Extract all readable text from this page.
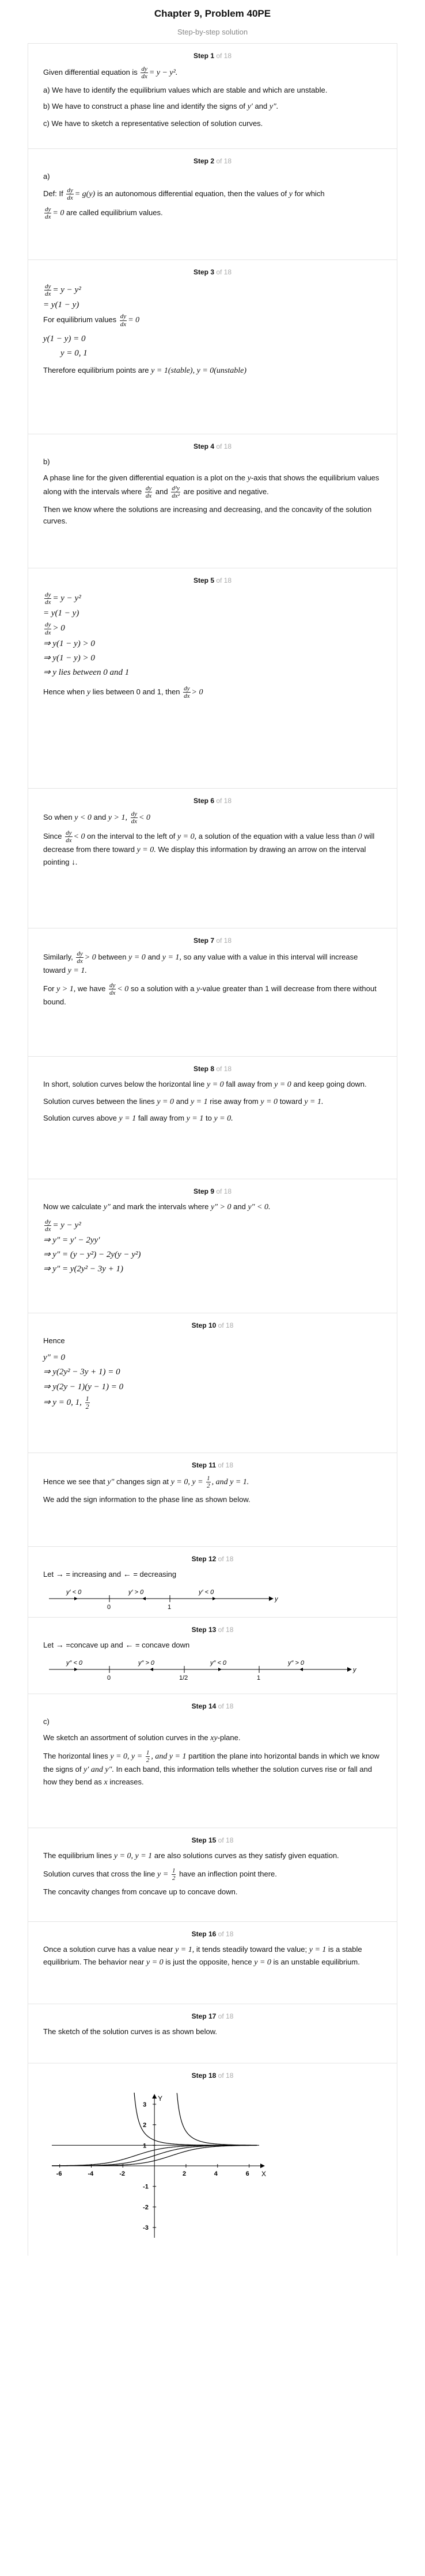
Chapter 9, Problem 40PE
Step-by-step solution
Step 1 of 18

Given differential equation is $\frac{dy}{dx} = y - y^2$.

a) We have to identify the equilibrium values which are stable and which are unstable.

b) We have to construct a phase line and identify the signs of y′ and y″.

c) We have to sketch a representative selection of solution curves.

Step 2 of 18

a)

Def: If $\frac{dy}{dx} = g(y)$ is an autonomous differential equation, then the values of y for which

$\frac{dy}{dx} = 0$ are called equilibrium values.

Step 3 of 18
$\frac{dy}{dx} = y - y^2$
= y(1 − y)

For equilibrium values $\frac{dy}{dx} = 0$

y(1 − y) = 0
y = 0, 1

Therefore equilibrium points are y = 1(stable), y = 0(unstable)

Step 4 of 18

b)

A phase line for the given differential equation is a plot on the y-axis that shows the equilibrium values along with the intervals where $\frac{dy}{dx}$ and $\frac{\text{d²y}}{\text{dx²}}$ are positive and negative.

Then we know where the solutions are increasing and decreasing, and the concavity of the solution curves.

Step 5 of 18
$\frac{dy}{dx} = y - y^2$
= y(1 − y)
$\frac{dy}{dx} > 0$
⇒ y(1 − y) > 0
⇒ y(1 − y) > 0
⇒ y lies between 0 and 1

Hence when y lies between 0 and 1, then $\frac{dy}{dx} > 0$

Step 6 of 18

So when y < 0 and y > 1, $\frac{dy}{dx} < 0$

Since $\frac{dy}{dx} < 0$ on the interval to the left of y = 0, a solution of the equation with a value less than 0 will decrease from there toward y = 0. We display this information by drawing an arrow on the interval pointing ↓.

Step 7 of 18

Similarly, $\frac{dy}{dx} > 0$ between y = 0 and y = 1, so any value with a value in this interval will increase toward y = 1.

For y > 1, we have $\frac{dy}{dx} < 0$ so a solution with a y-value greater than 1 will decrease from there without bound.

Step 8 of 18

In short, solution curves below the horizontal line y = 0 fall away from y = 0 and keep going down.

Solution curves between the lines y = 0 and y = 1 rise away from y = 0 toward y = 1.

Solution curves above y = 1 fall away from y = 1 to y = 0.

Step 9 of 18

Now we calculate y″ and mark the intervals where y″ > 0 and y″ < 0.

$\frac{dy}{dx} = y - y^2$
⇒ y″ = y′ − 2yy′
⇒ y″ = (y − y²) − 2y(y − y²)
⇒ y″ = y(2y² − 3y + 1)
Step 10 of 18

Hence

y″ = 0
⇒ y(2y² − 3y + 1) = 0
⇒ y(2y − 1)(y − 1) = 0
⇒ y = 0, 1, $\frac{1}{2}$
Step 11 of 18

Hence we see that y″ changes sign at y = 0, $y = \frac{1}{2}$ , and y = 1.

We add the sign information to the phase line as shown below.

Step 12 of 18

Let → = increasing and ← = decreasing

y′ < 0	y′ > 0	y′ < 0
0	1
y
Step 13 of 18

Let → =concave up and ← = concave down

y″ < 0	y″ > 0	y″ < 0	y″ > 0
0	1/2	1
y
Step 14 of 18

c)

We sketch an assortment of solution curves in the xy-plane.

The horizontal lines y = 0, $y = \frac{1}{2}$ , and y = 1 partition the plane into horizontal bands in which we know the signs of y′ and y″. In each band, this information tells whether the solution curves rise or fall and how they bend as x increases.

Step 15 of 18

The equilibrium lines y = 0, y = 1 are also solutions curves as they satisfy given equation.

Solution curves that cross the line $y = \frac{1}{2}$ have an inflection point there.

The concavity changes from concave up to concave down.

Step 16 of 18

Once a solution curve has a value near y = 1, it tends steadily toward the value; y = 1 is a stable equilibrium. The behavior near y = 0 is just the opposite, hence y = 0 is an unstable equilibrium.

Step 17 of 18

The sketch of the solution curves is as shown below.

Step 18 of 18
X
Y
-6	-4	-2	2	4	6
3
2
1
-1
-2
-3
